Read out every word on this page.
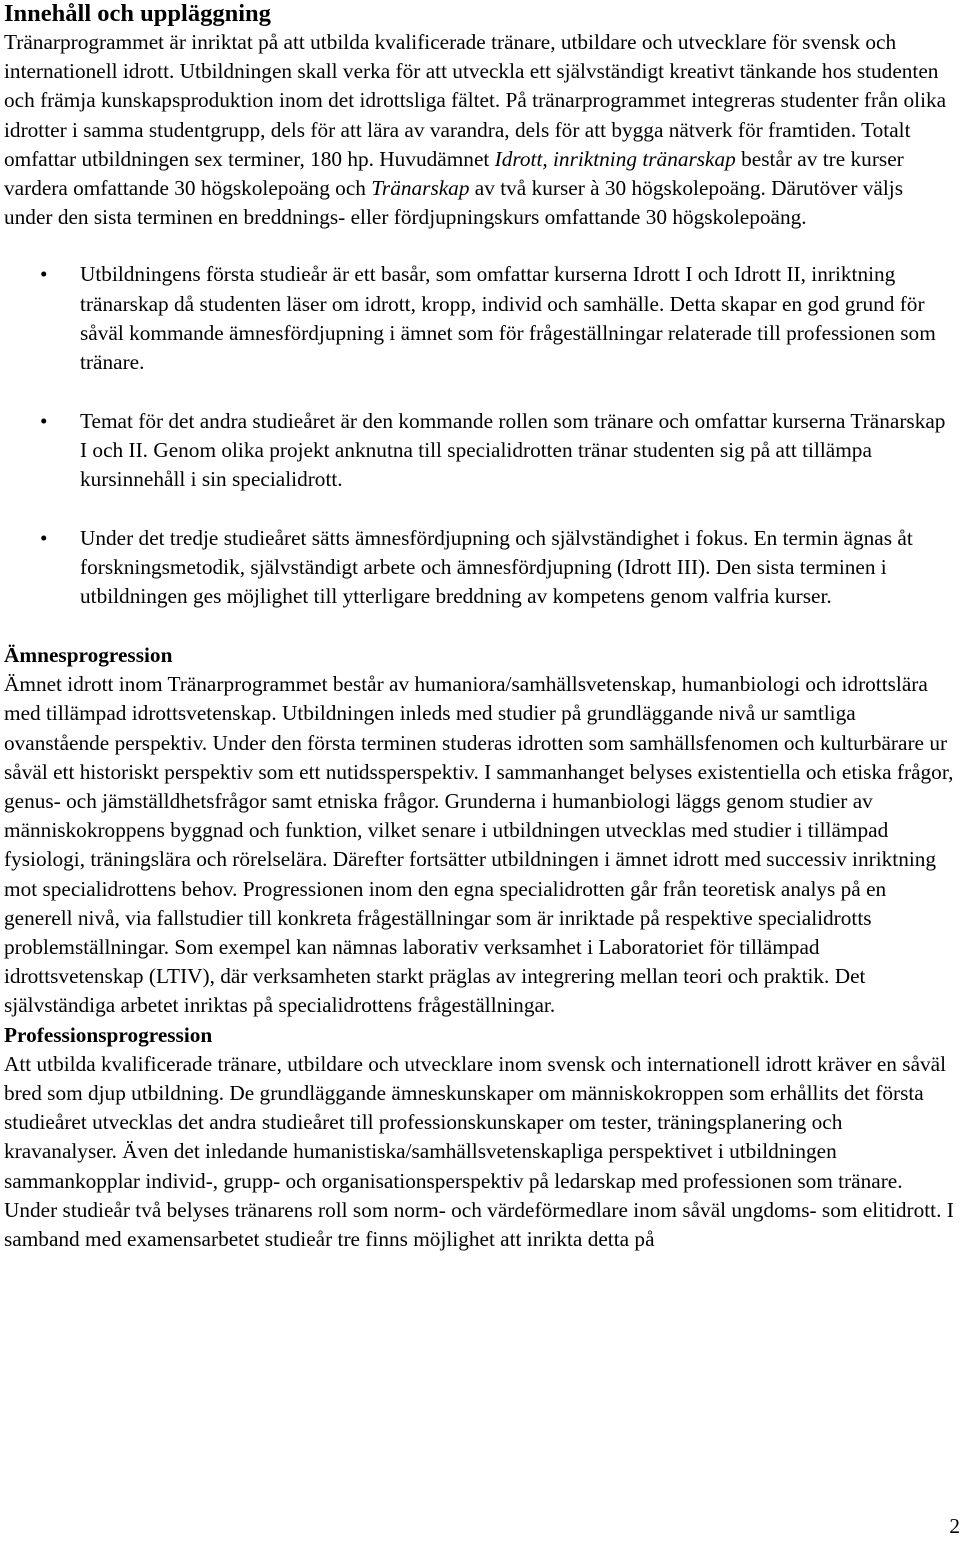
Innehåll och uppläggning

Tränarprogrammet är inriktat på att utbilda kvalificerade tränare, utbildare och utvecklare för svensk och internationell idrott. Utbildningen skall verka för att utveckla ett självständigt kreativt tänkande hos studenten och främja kunskapsproduktion inom det idrottsliga fältet. På tränarprogrammet integreras studenter från olika idrotter i samma studentgrupp, dels för att lära av varandra, dels för att bygga nätverk för framtiden. Totalt omfattar utbildningen sex terminer, 180 hp. Huvudämnet Idrott, inriktning tränarskap består av tre kurser vardera omfattande 30 högskolepoäng och Tränarskap av två kurser à 30 högskolepoäng. Därutöver väljs under den sista terminen en breddnings- eller fördjupningskurs omfattande 30 högskolepoäng.

• Utbildningens första studieår är ett basår, som omfattar kurserna Idrott I och Idrott II, inriktning tränarskap då studenten läser om idrott, kropp, individ och samhälle. Detta skapar en god grund för såväl kommande ämnesfördjupning i ämnet som för frågeställningar relaterade till professionen som tränare.
• Temat för det andra studieåret är den kommande rollen som tränare och omfattar kurserna Tränarskap I och II. Genom olika projekt anknutna till specialidrotten tränar studenten sig på att tillämpa kursinnehåll i sin specialidrott.
• Under det tredje studieåret sätts ämnesfördjupning och självständighet i fokus. En termin ägnas åt forskningsmetodik, självständigt arbete och ämnesfördjupning (Idrott III). Den sista terminen i utbildningen ges möjlighet till ytterligare breddning av kompetens genom valfria kurser.
Ämnesprogression

Ämnet idrott inom Tränarprogrammet består av humaniora/samhällsvetenskap, humanbiologi och idrottslära med tillämpad idrottsvetenskap. Utbildningen inleds med studier på grundläggande nivå ur samtliga ovanstående perspektiv. Under den första terminen studeras idrotten som samhällsfenomen och kulturbärare ur såväl ett historiskt perspektiv som ett nutidssperspektiv. I sammanhanget belyses existentiella och etiska frågor, genus- och jämställdhetsfrågor samt etniska frågor. Grunderna i humanbiologi läggs genom studier av människokroppens byggnad och funktion, vilket senare i utbildningen utvecklas med studier i tillämpad fysiologi, träningslära och rörelselära. Därefter fortsätter utbildningen i ämnet idrott med successiv inriktning mot specialidrottens behov. Progressionen inom den egna specialidrotten går från teoretisk analys på en generell nivå, via fallstudier till konkreta frågeställningar som är inriktade på respektive specialidrotts problemställningar. Som exempel kan nämnas laborativ verksamhet i Laboratoriet för tillämpad idrottsvetenskap (LTIV), där verksamheten starkt präglas av integrering mellan teori och praktik. Det självständiga arbetet inriktas på specialidrottens frågeställningar.

Professionsprogression

Att utbilda kvalificerade tränare, utbildare och utvecklare inom svensk och internationell idrott kräver en såväl bred som djup utbildning. De grundläggande ämneskunskaper om människokroppen som erhållits det första studieåret utvecklas det andra studieåret till professionskunskaper om tester, träningsplanering och kravanalyser. Även det inledande humanistiska/samhällsvetenskapliga perspektivet i utbildningen sammankopplar individ-, grupp- och organisationsperspektiv på ledarskap med professionen som tränare. Under studieår två belyses tränarens roll som norm- och värdeförmedlare inom såväl ungdoms- som elitidrott. I samband med examensarbetet studieår tre finns möjlighet att inrikta detta på

2
